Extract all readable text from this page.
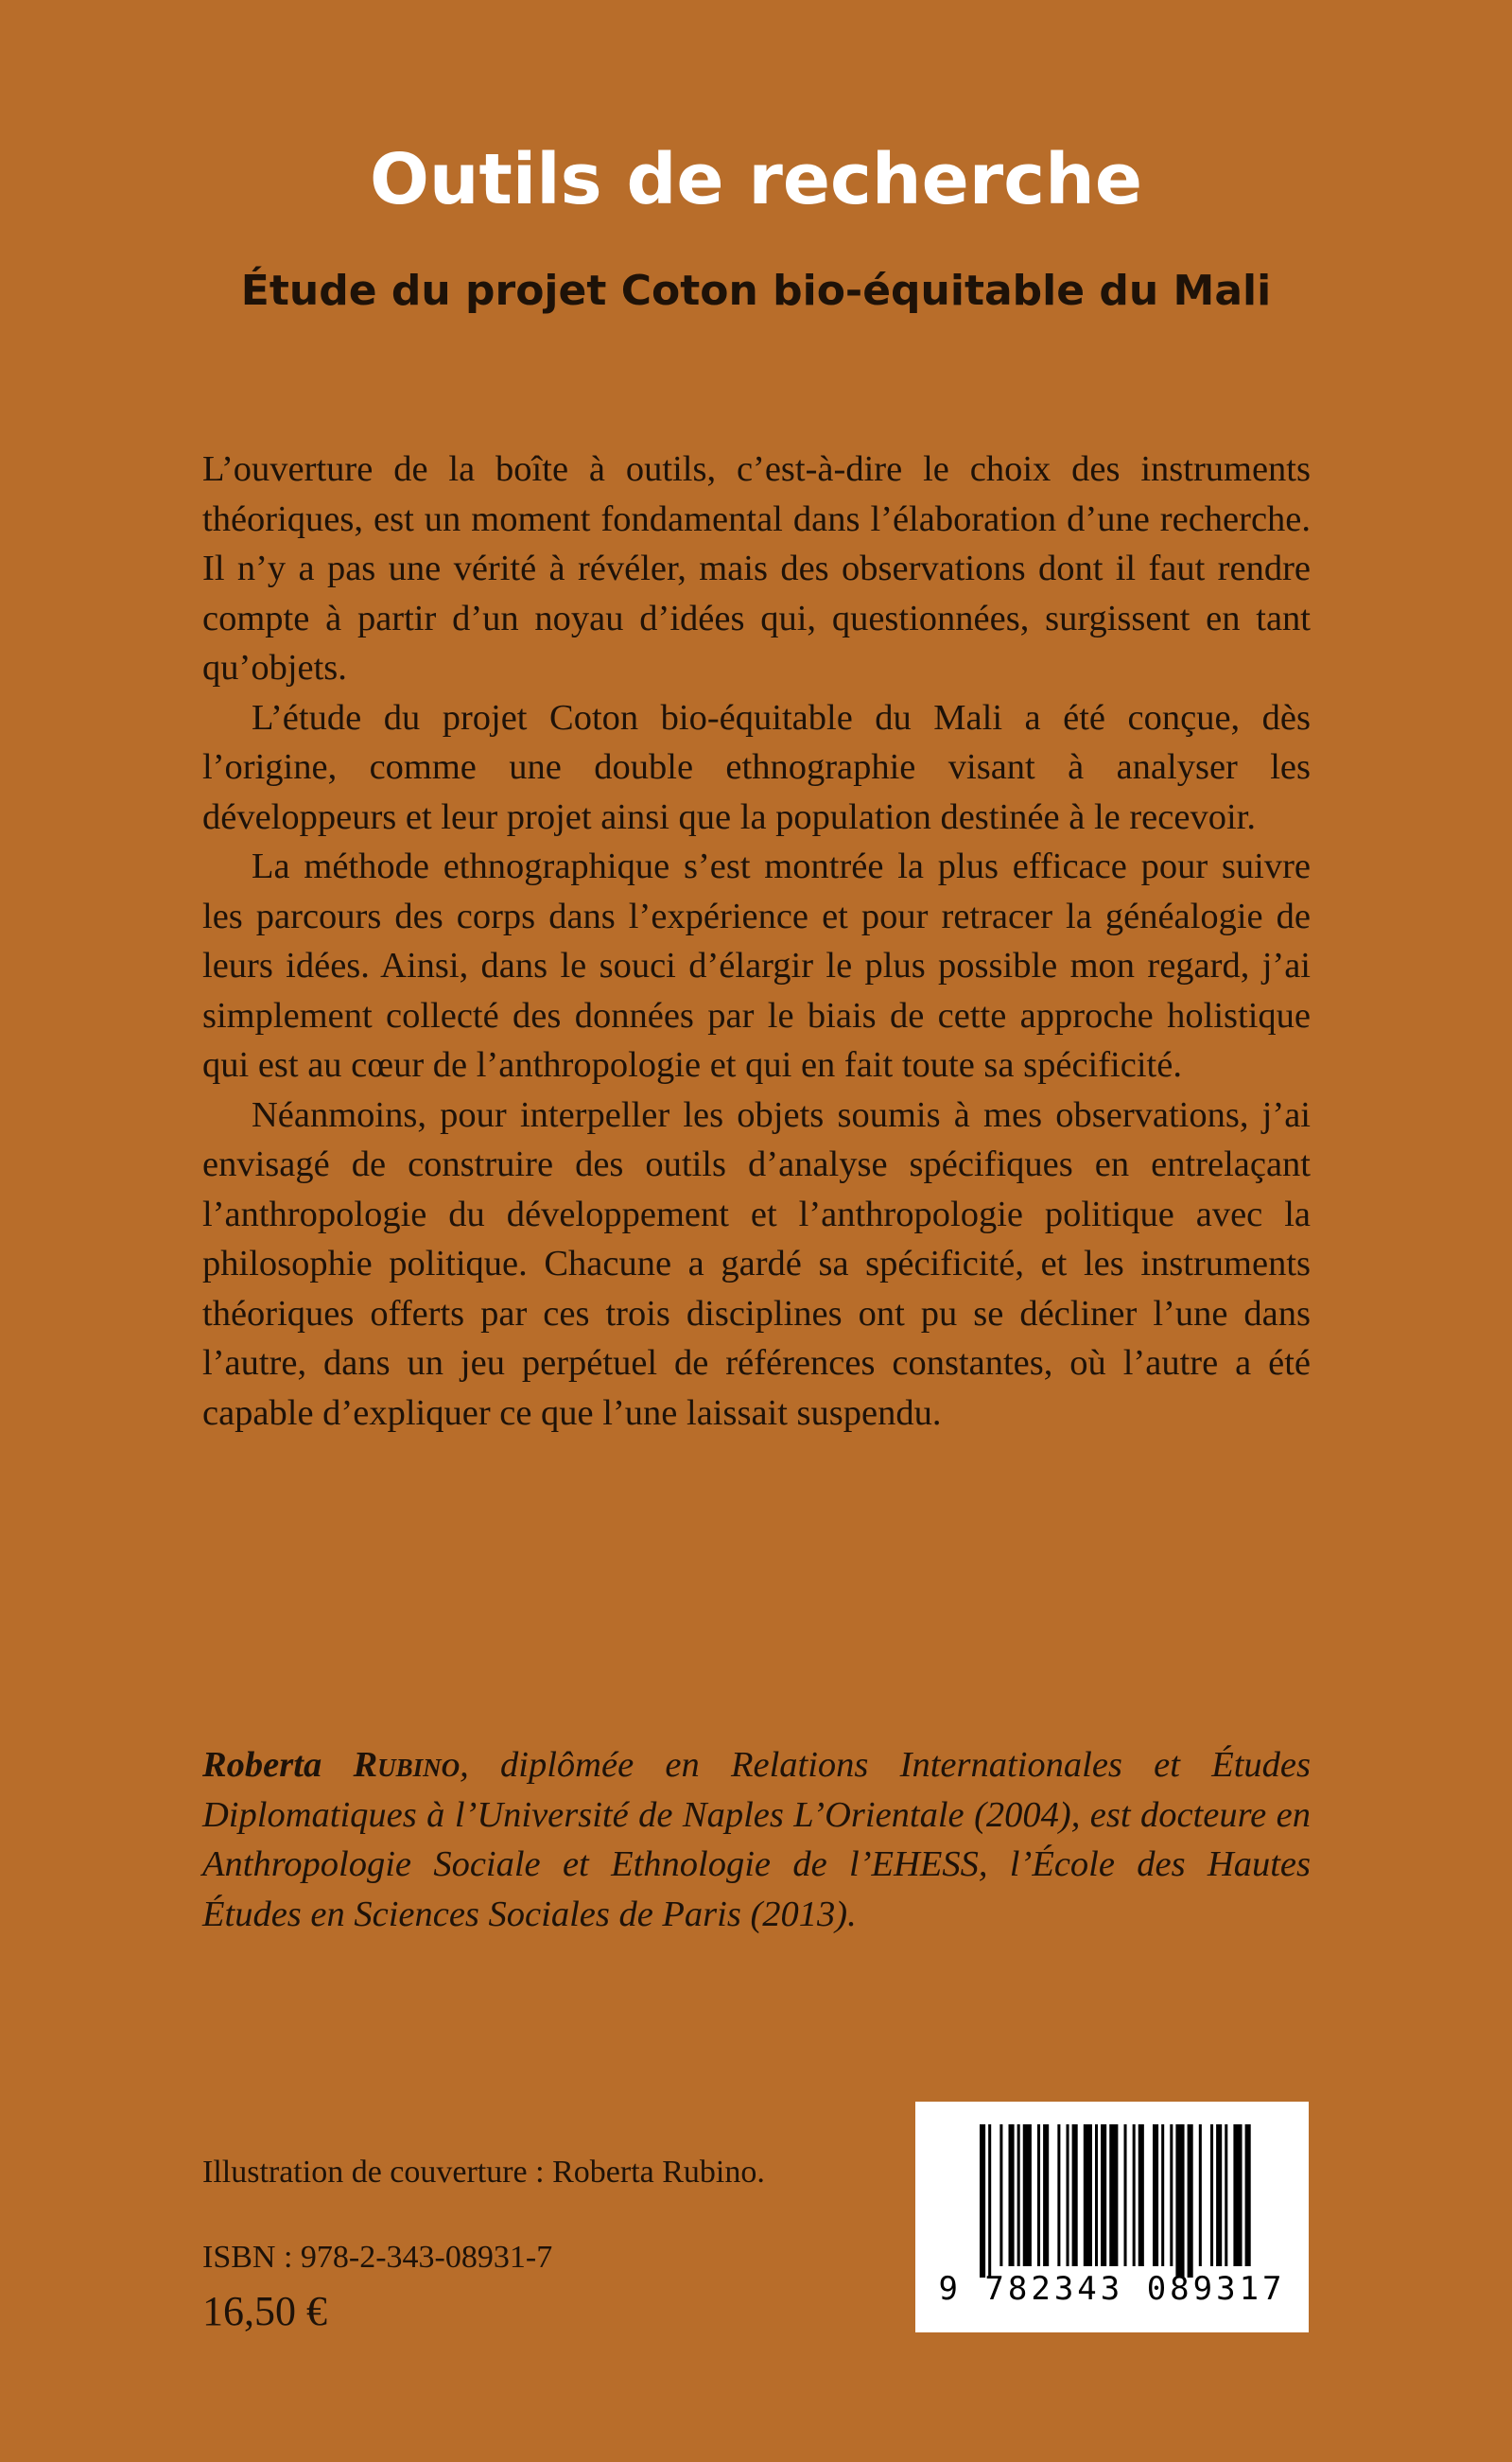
Outils de recherche
Étude du projet Coton bio-équitable du Mali

L’ouverture de la boîte à outils, c’est-à-dire le choix des instruments théoriques, est un moment fondamental dans l’élaboration d’une recherche. Il n’y a pas une vérité à révéler, mais des observations dont il faut rendre compte à partir d’un noyau d’idées qui, questionnées, surgissent en tant qu’objets.

L’étude du projet Coton bio-équitable du Mali a été conçue, dès l’origine, comme une double ethnographie visant à analyser les développeurs et leur projet ainsi que la population destinée à le recevoir.

La méthode ethnographique s’est montrée la plus efficace pour suivre les parcours des corps dans l’expérience et pour retracer la généalogie de leurs idées. Ainsi, dans le souci d’élargir le plus possible mon regard, j’ai simplement collecté des données par le biais de cette approche holistique qui est au cœur de l’anthropologie et qui en fait toute sa spécificité.

Néanmoins, pour interpeller les objets soumis à mes observations, j’ai envisagé de construire des outils d’analyse spécifiques en entrelaçant l’anthropologie du développement et l’anthropologie politique avec la philosophie politique. Chacune a gardé sa spécificité, et les instruments théoriques offerts par ces trois disciplines ont pu se décliner l’une dans l’autre, dans un jeu perpétuel de références constantes, où l’autre a été capable d’expliquer ce que l’une laissait suspendu.

Roberta Rubino, diplômée en Relations Internationales et Études Diplomatiques à l’Université de Naples L’Orientale (2004), est docteure en Anthropologie Sociale et Ethnologie de l’EHESS, l’École des Hautes Études en Sciences Sociales de Paris (2013).
Illustration de couverture : Roberta Rubino.
ISBN : 978-2-343-08931-7
16,50 €	9 782343 089317
